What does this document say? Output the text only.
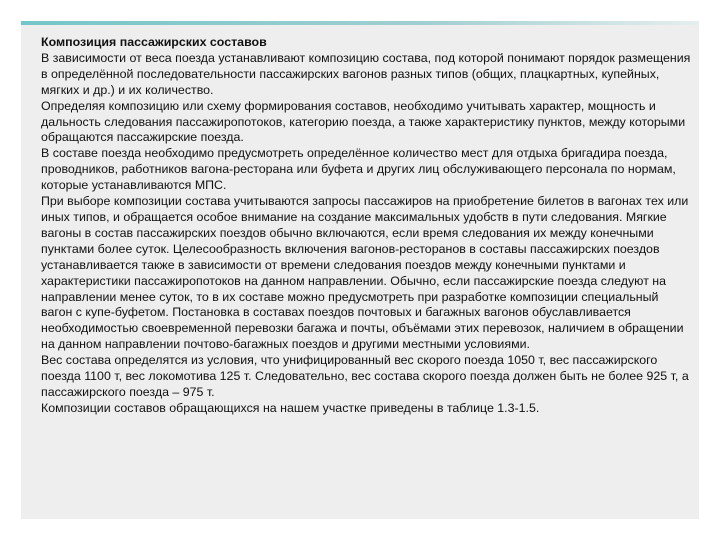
Композиция пассажирских составов

В зависимости от веса поезда устанавливают композицию состава, под которой понимают порядок размещения в определённой последовательности пассажирских вагонов разных типов (общих, плацкартных, купейных, мягких и др.) и их количество.

Определяя композицию или схему формирования составов, необходимо учитывать характер, мощность и дальность следования пассажиропотоков, категорию поезда, а также характеристику пунктов, между которыми обращаются пассажирские поезда.

В составе поезда необходимо предусмотреть определённое количество мест для отдыха бригадира поезда, проводников, работников вагона-ресторана или буфета и других лиц обслуживающего персонала по нормам, которые устанавливаются МПС.

При выборе композиции состава учитываются запросы пассажиров на приобретение билетов в вагонах тех или иных типов, и обращается особое внимание на создание максимальных удобств в пути следования. Мягкие вагоны в состав пассажирских поездов обычно включаются, если время следования их между конечными пунктами более суток. Целесообразность включения вагонов-ресторанов в составы пассажирских поездов устанавливается также в зависимости от времени следования поездов между конечными пунктами и характеристики пассажиропотоков на данном направлении. Обычно, если пассажирские поезда следуют на направлении менее суток, то в их составе можно предусмотреть при разработке композиции специальный вагон с купе-буфетом. Постановка в составах поездов почтовых и багажных вагонов обуславливается необходимостью своевременной перевозки багажа и почты, объёмами этих перевозок, наличием в обращении на данном направлении почтово-багажных поездов и другими местными условиями.

Вес состава определятся из условия, что унифицированный вес скорого поезда 1050 т, вес пассажирского поезда 1100 т, вес локомотива 125 т. Следовательно, вес состава скорого поезда должен быть не более 925 т, а пассажирского поезда – 975 т.

Композиции составов обращающихся на нашем участке приведены в таблице 1.3-1.5.
